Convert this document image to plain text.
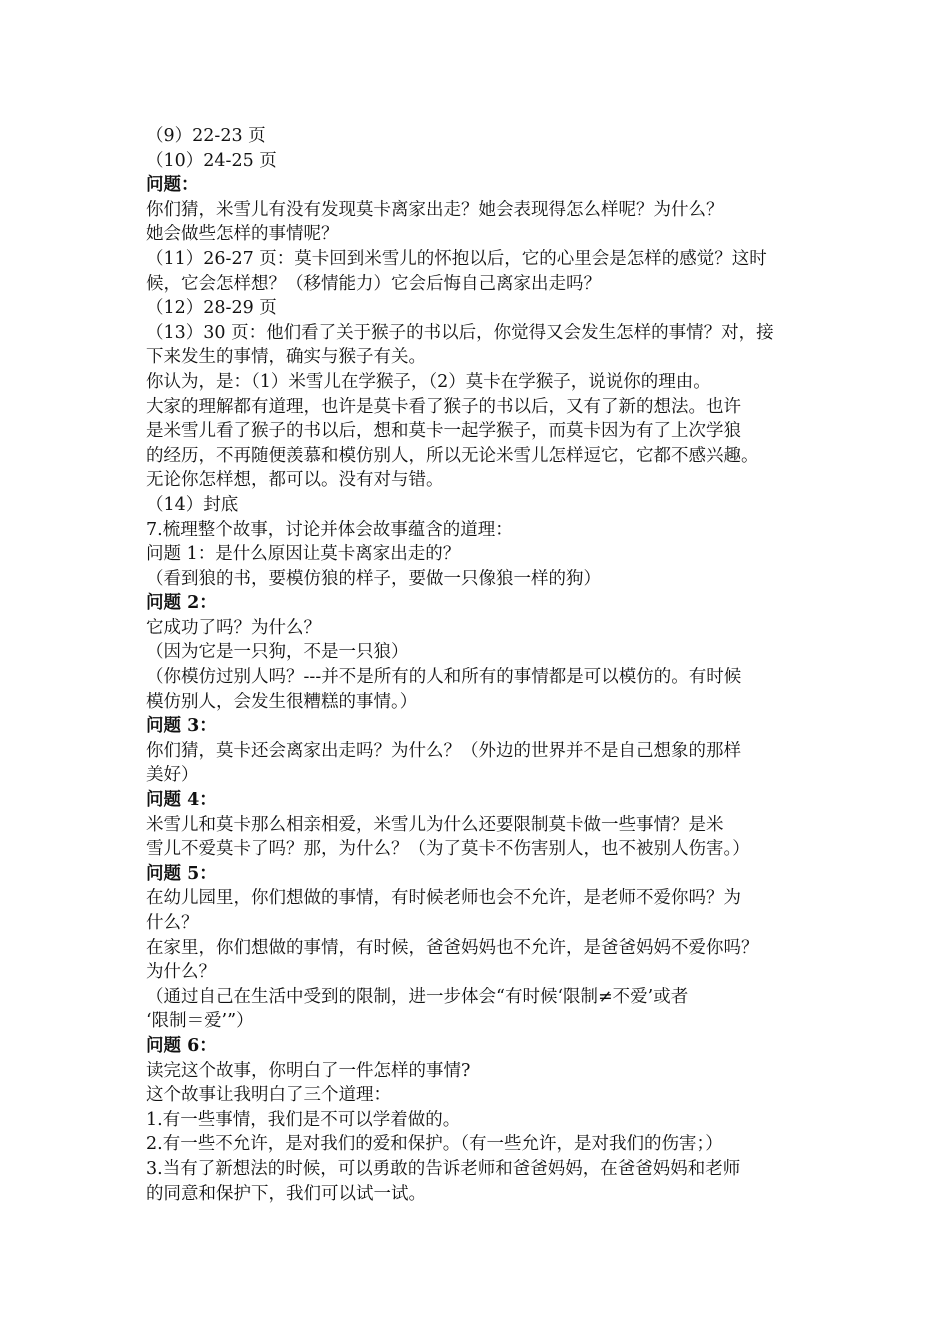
（9）22-23 页

（10）24-25 页

问题：

你们猜，米雪儿有没有发现莫卡离家出走？她会表现得怎么样呢？为什么？

她会做些怎样的事情呢？

（11）26-27 页：莫卡回到米雪儿的怀抱以后，它的心里会是怎样的感觉？这时

候，它会怎样想？（移情能力）它会后悔自己离家出走吗？

（12）28-29 页

（13）30 页：他们看了关于猴子的书以后，你觉得又会发生怎样的事情？对，接

下来发生的事情，确实与猴子有关。

你认为，是：（1）米雪儿在学猴子，（2）莫卡在学猴子，说说你的理由。

大家的理解都有道理，也许是莫卡看了猴子的书以后，又有了新的想法。也许

是米雪儿看了猴子的书以后，想和莫卡一起学猴子，而莫卡因为有了上次学狼

的经历，不再随便羡慕和模仿别人，所以无论米雪儿怎样逗它，它都不感兴趣。

无论你怎样想，都可以。没有对与错。

（14）封底

7.梳理整个故事，讨论并体会故事蕴含的道理：

问题 1：是什么原因让莫卡离家出走的？

（看到狼的书，要模仿狼的样子，要做一只像狼一样的狗）

问题 2：

它成功了吗？为什么？

（因为它是一只狗，不是一只狼）

（你模仿过别人吗？---并不是所有的人和所有的事情都是可以模仿的。有时候

模仿别人，会发生很糟糕的事情。）

问题 3：

你们猜，莫卡还会离家出走吗？为什么？（外边的世界并不是自己想象的那样

美好）

问题 4：

米雪儿和莫卡那么相亲相爱，米雪儿为什么还要限制莫卡做一些事情？是米

雪儿不爱莫卡了吗？那，为什么？（为了莫卡不伤害别人，也不被别人伤害。）

问题 5：

在幼儿园里，你们想做的事情，有时候老师也会不允许，是老师不爱你吗？为

什么？

在家里，你们想做的事情，有时候，爸爸妈妈也不允许，是爸爸妈妈不爱你吗？

为什么？

（通过自己在生活中受到的限制，进一步体会“有时候‘限制≠不爱’或者

‘限制＝爱’”）

问题 6：

读完这个故事，你明白了一件怎样的事情?

这个故事让我明白了三个道理：

1.有一些事情，我们是不可以学着做的。

2.有一些不允许，是对我们的爱和保护。（有一些允许，是对我们的伤害；）

3.当有了新想法的时候，可以勇敢的告诉老师和爸爸妈妈，在爸爸妈妈和老师

的同意和保护下，我们可以试一试。
